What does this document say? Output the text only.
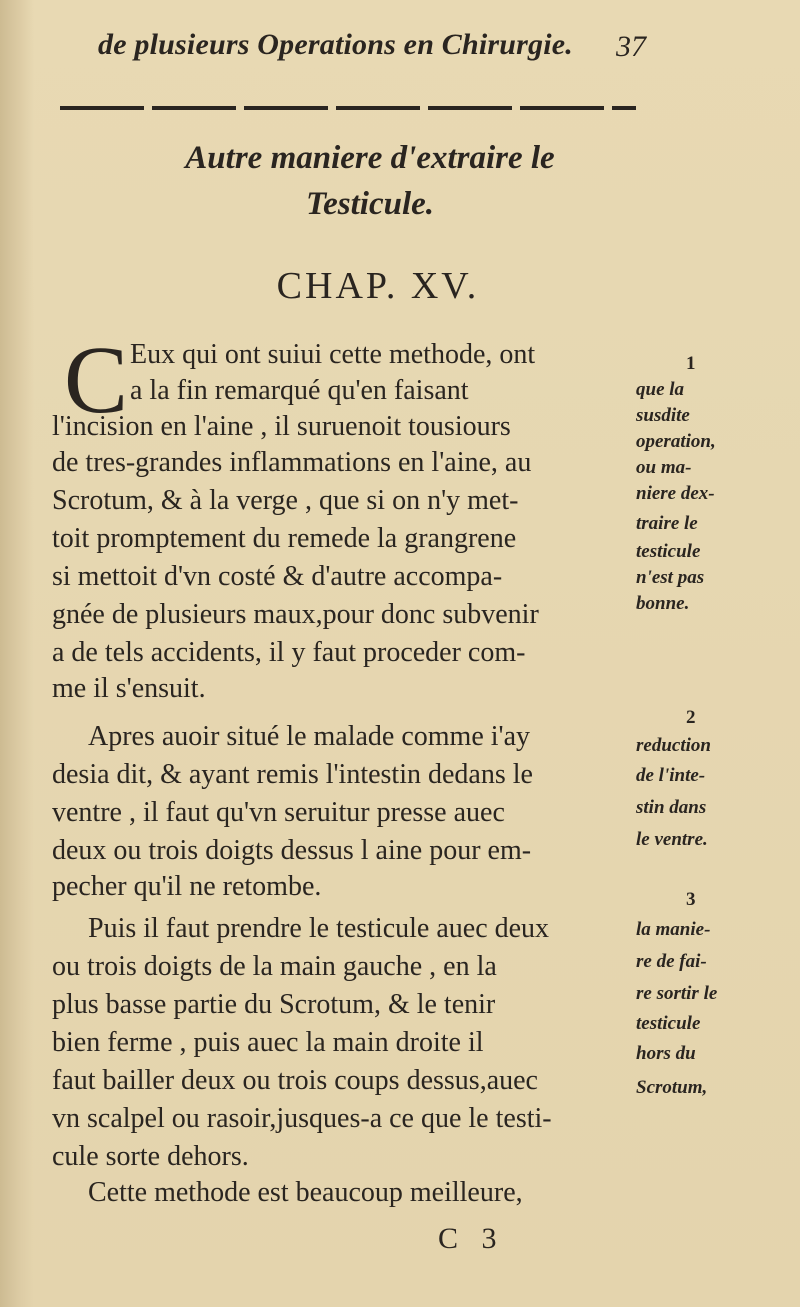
de plusieurs Operations en Chirurgie. 37
Autre maniere d'extraire le
Testicule.
CHAP. XV.
C Eux qui ont suiui cette methode, ont
a la fin remarqué qu'en faisant
l'incision en l'aine , il suruenoit tousiours
de tres-grandes inflammations en l'aine, au
Scrotum, & à la verge , que si on n'y met-
toit promptement du remede la grangrene
si mettoit d'vn costé & d'autre accompa-
gnée de plusieurs maux,pour donc subvenir
a de tels accidents, il y faut proceder com-
me il s'ensuit.
Apres auoir situé le malade comme i'ay
desia dit, & ayant remis l'intestin dedans le
ventre , il faut qu'vn seruitur presse auec
deux ou trois doigts dessus l aine pour em-
pecher qu'il ne retombe.
Puis il faut prendre le testicule auec deux
ou trois doigts de la main gauche , en la
plus basse partie du Scrotum, & le tenir
bien ferme , puis auec la main droite il
faut bailler deux ou trois coups dessus,auec
vn scalpel ou rasoir,jusques-a ce que le testi-
cule sorte dehors.
Cette methode est beaucoup meilleure,
1
que la
susdite
operation,
ou ma-
niere dex-
traire le
testicule
n'est pas
bonne.
2
reduction
de l'inte-
stin dans
le ventre.
3
la manie-
re de fai-
re sortir le
testicule
hors du
Scrotum,
C 3
